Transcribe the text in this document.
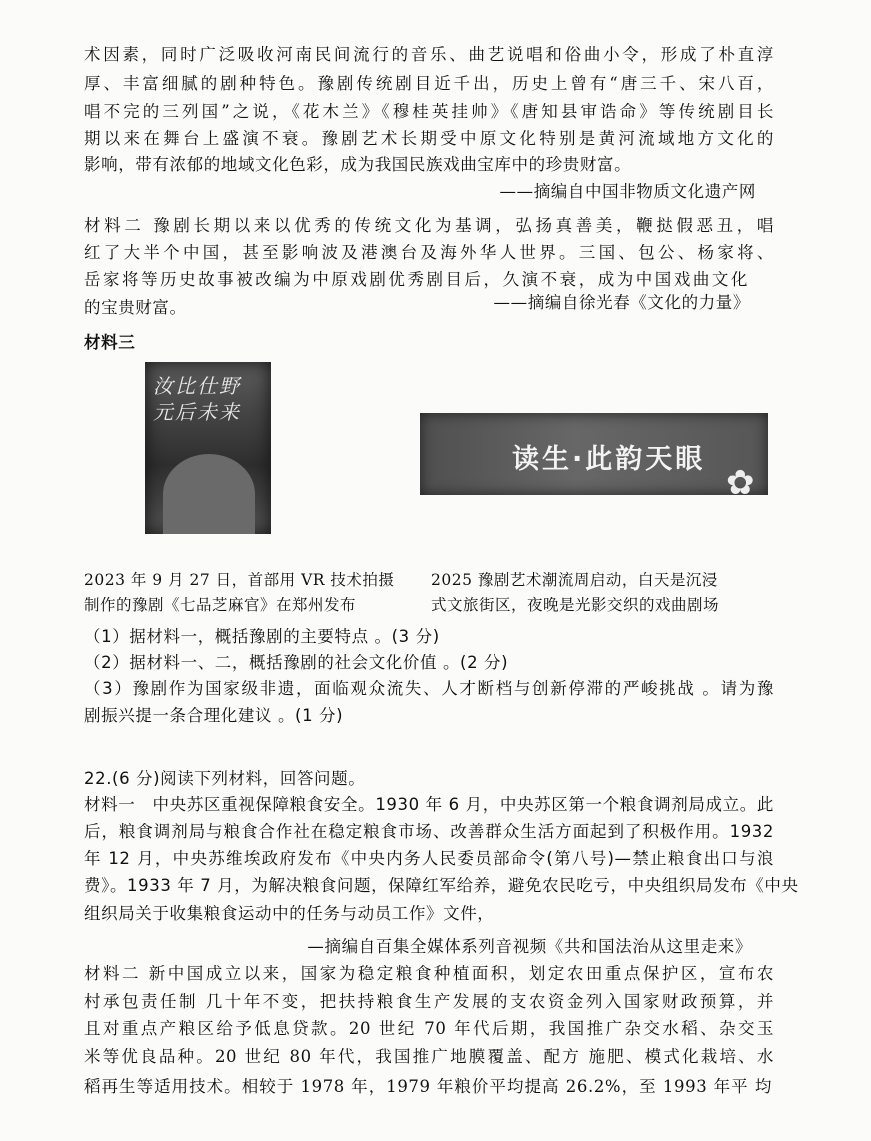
术因素，同时广泛吸收河南民间流行的音乐、曲艺说唱和俗曲小令，形成了朴直淳
厚、丰富细腻的剧种特色。豫剧传统剧目近千出，历史上曾有“唐三千、宋八百，
唱不完的三列国”之说，《花木兰》《穆桂英挂帅》《唐知县审诰命》等传统剧目长
期以来在舞台上盛演不衰。豫剧艺术长期受中原文化特别是黄河流域地方文化的
影响，带有浓郁的地域文化色彩，成为我国民族戏曲宝库中的珍贵财富。
——摘编自中国非物质文化遗产网
材料二 豫剧长期以来以优秀的传统文化为基调，弘扬真善美，鞭挞假恶丑，唱
红了大半个中国，甚至影响波及港澳台及海外华人世界。三国、包公、杨家将、
岳家将等历史故事被改编为中原戏剧优秀剧目后，久演不衰，成为中国戏曲文化
的宝贵财富。	——摘编自徐光春《文化的力量》
材料三
汝比仕野
元后未来
读生·此韵天眼
✿
2023 年 9 月 27 日，首部用 VR 技术拍摄
制作的豫剧《七品芝麻官》在郑州发布
2025 豫剧艺术潮流周启动，白天是沉浸
式文旅街区，夜晚是光影交织的戏曲剧场
（1）据材料一，概括豫剧的主要特点 。(3 分)
（2）据材料一、二，概括豫剧的社会文化价值 。(2 分)
（3）豫剧作为国家级非遗，面临观众流失、人才断档与创新停滞的严峻挑战 。请为豫
剧振兴提一条合理化建议 。(1 分)
22.(6 分)阅读下列材料，回答问题。
材料一　中央苏区重视保障粮食安全。1930 年 6 月，中央苏区第一个粮食调剂局成立。此
后，粮食调剂局与粮食合作社在稳定粮食市场、改善群众生活方面起到了积极作用。1932
年 12 月，中央苏维埃政府发布《中央内务人民委员部命令(第八号)—禁止粮食出口与浪
费》。1933 年 7 月，为解决粮食问题，保障红军给养，避免农民吃亏，中央组织局发布《中央
组织局关于收集粮食运动中的任务与动员工作》文件，
—摘编自百集全媒体系列音视频《共和国法治从这里走来》
材料二 新中国成立以来，国家为稳定粮食种植面积，划定农田重点保护区，宣布农
村承包责任制 几十年不变，把扶持粮食生产发展的支农资金列入国家财政预算，并
且对重点产粮区给予低息贷款。20 世纪 70 年代后期，我国推广杂交水稻、杂交玉
米等优良品种。20 世纪 80 年代，我国推广地膜覆盖、配方 施肥、模式化栽培、水
稻再生等适用技术。相较于 1978 年，1979 年粮价平均提高 26.2%，至 1993 年平 均
